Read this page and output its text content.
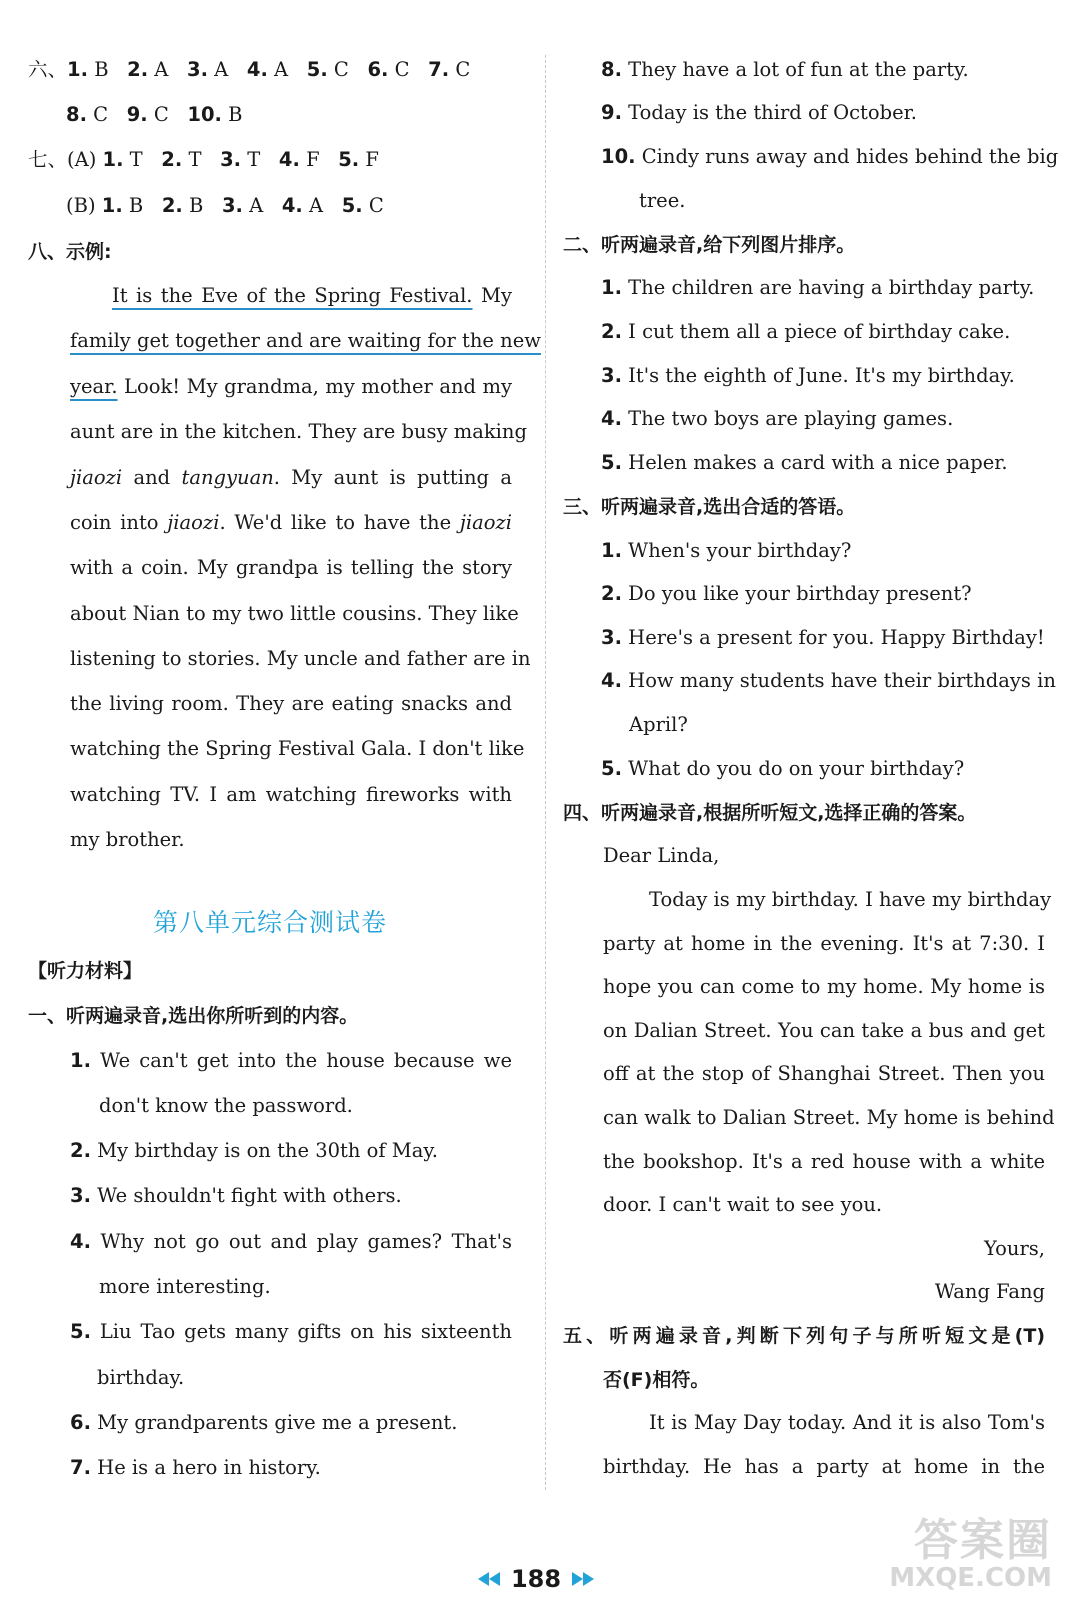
六、1. B   2. A   3. A   4. A   5. C   6. C   7. C
8. C   9. C   10. B
七、(A) 1. T   2. T   3. T   4. F   5. F
(B) 1. B   2. B   3. A   4. A   5. C
八、示例:
It is the Eve of the Spring Festival. My
family get together and are waiting for the new
year. Look! My grandma, my mother and my
aunt are in the kitchen. They are busy making
jiaozi and tangyuan. My aunt is putting a
coin into jiaozi. We'd like to have the jiaozi
with a coin. My grandpa is telling the story
about Nian to my two little cousins. They like
listening to stories. My uncle and father are in
the living room. They are eating snacks and
watching the Spring Festival Gala. I don't like
watching TV. I am watching fireworks with
my brother.
【听力材料】
一、听两遍录音,选出你所听到的内容。
1. We can't get into the house because we
don't know the password.
2. My birthday is on the 30th of May.
3. We shouldn't fight with others.
4. Why not go out and play games? That's
more interesting.
5. Liu Tao gets many gifts on his sixteenth
birthday.
6. My grandparents give me a present.
7. He is a hero in history.
8. They have a lot of fun at the party.
9. Today is the third of October.
10. Cindy runs away and hides behind the big
tree.
二、听两遍录音,给下列图片排序。
1. The children are having a birthday party.
2. I cut them all a piece of birthday cake.
3. It's the eighth of June. It's my birthday.
4. The two boys are playing games.
5. Helen makes a card with a nice paper.
三、听两遍录音,选出合适的答语。
1. When's your birthday?
2. Do you like your birthday present?
3. Here's a present for you. Happy Birthday!
4. How many students have their birthdays in
April?
5. What do you do on your birthday?
四、听两遍录音,根据所听短文,选择正确的答案。
Dear Linda,
Today is my birthday. I have my birthday
party at home in the evening. It's at 7:30. I
hope you can come to my home. My home is
on Dalian Street. You can take a bus and get
off at the stop of Shanghai Street. Then you
can walk to Dalian Street. My home is behind
the bookshop. It's a red house with a white
door. I can't wait to see you.
Yours,
Wang Fang
五、听两遍录音,判断下列句子与所听短文是(T)
否(F)相符。
It is May Day today. And it is also Tom's
birthday. He has a party at home in the
第八单元综合测试卷
188
答案圈
MXQE.COM
